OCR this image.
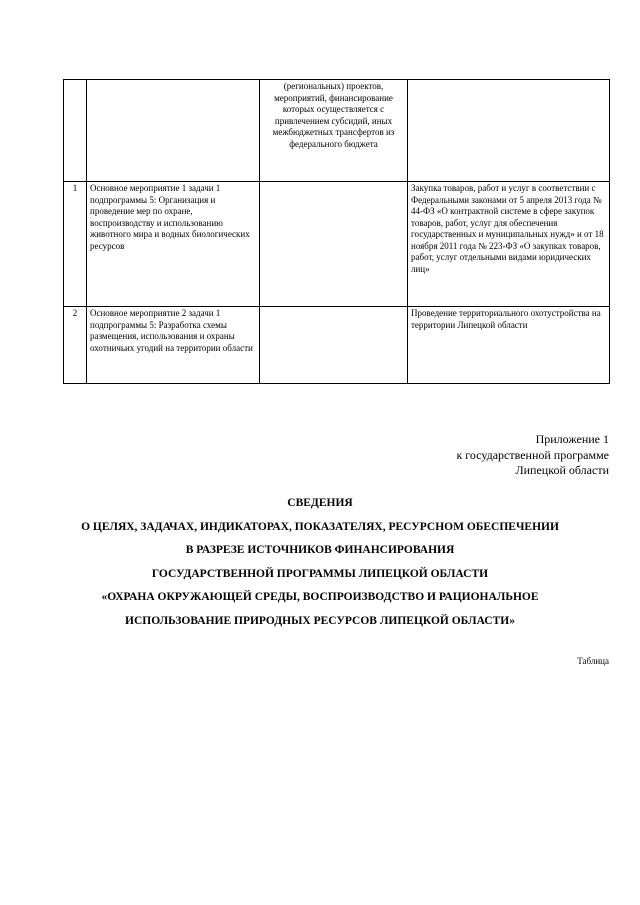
		(региональных) проектов, мероприятий, финансирование которых осуществляется с привлечением субсидий, иных межбюджетных трансфертов из федерального бюджета	
1	Основное мероприятие 1 задачи 1 подпрограммы 5: Организация и проведение мер по охране, воспроизводству и использованию животного мира и водных биологических ресурсов		Закупка товаров, работ и услуг в соответствии с Федеральными законами от 5 апреля 2013 года № 44-ФЗ «О контрактной системе в сфере закупок товаров, работ, услуг для обеспечения государственных и муниципальных нужд» и от 18 ноября 2011 года № 223-ФЗ «О закупках товаров, работ, услуг отдельными видами юридических лиц»
2	Основное мероприятие 2 задачи 1 подпрограммы 5: Разработка схемы размещения, использования и охраны охотничьих угодий на территории области		Проведение территориального охотустройства на территории Липецкой области
Приложение 1
к государственной программе
Липецкой области
СВЕДЕНИЯ
О ЦЕЛЯХ, ЗАДАЧАХ, ИНДИКАТОРАХ, ПОКАЗАТЕЛЯХ, РЕСУРСНОМ ОБЕСПЕЧЕНИИ
В РАЗРЕЗЕ ИСТОЧНИКОВ ФИНАНСИРОВАНИЯ
ГОСУДАРСТВЕННОЙ ПРОГРАММЫ ЛИПЕЦКОЙ ОБЛАСТИ
«ОХРАНА ОКРУЖАЮЩЕЙ СРЕДЫ, ВОСПРОИЗВОДСТВО И РАЦИОНАЛЬНОЕ
ИСПОЛЬЗОВАНИЕ ПРИРОДНЫХ РЕСУРСОВ ЛИПЕЦКОЙ ОБЛАСТИ»
Таблица
